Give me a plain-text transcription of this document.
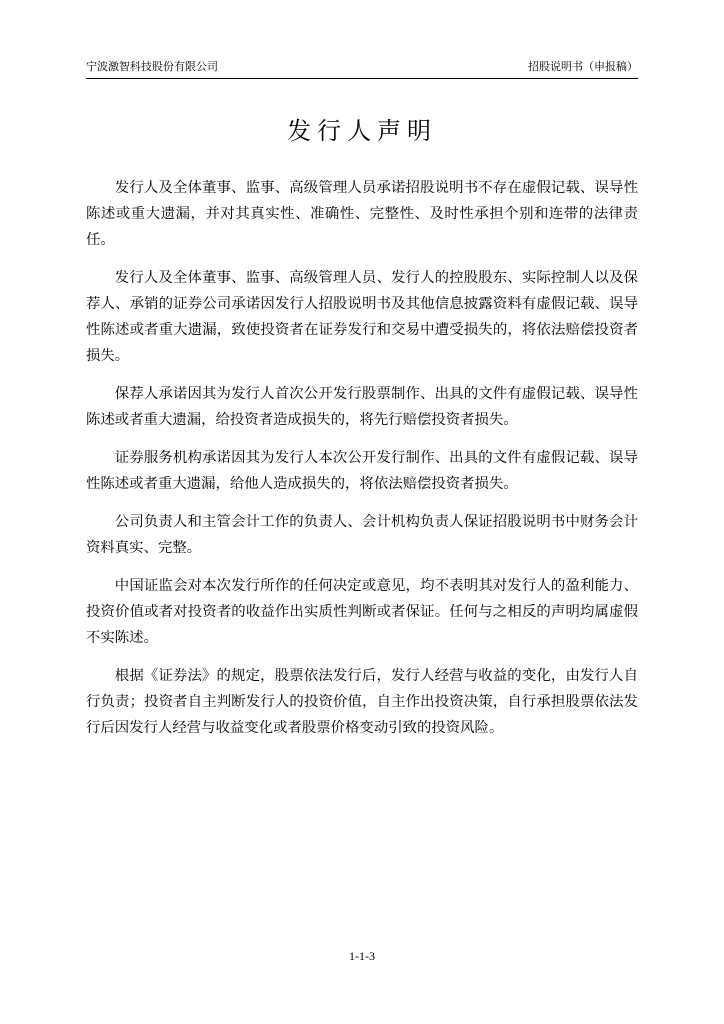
宁波激智科技股份有限公司	招股说明书（申报稿）
发行人声明

发行人及全体董事、监事、高级管理人员承诺招股说明书不存在虚假记载、误导性陈述或重大遗漏，并对其真实性、准确性、完整性、及时性承担个别和连带的法律责任。

发行人及全体董事、监事、高级管理人员、发行人的控股股东、实际控制人以及保荐人、承销的证券公司承诺因发行人招股说明书及其他信息披露资料有虚假记载、误导性陈述或者重大遗漏，致使投资者在证券发行和交易中遭受损失的，将依法赔偿投资者损失。

保荐人承诺因其为发行人首次公开发行股票制作、出具的文件有虚假记载、误导性陈述或者重大遗漏，给投资者造成损失的，将先行赔偿投资者损失。

证券服务机构承诺因其为发行人本次公开发行制作、出具的文件有虚假记载、误导性陈述或者重大遗漏，给他人造成损失的，将依法赔偿投资者损失。

公司负责人和主管会计工作的负责人、会计机构负责人保证招股说明书中财务会计资料真实、完整。

中国证监会对本次发行所作的任何决定或意见，均不表明其对发行人的盈利能力、投资价值或者对投资者的收益作出实质性判断或者保证。任何与之相反的声明均属虚假不实陈述。

根据《证券法》的规定，股票依法发行后，发行人经营与收益的变化，由发行人自行负责；投资者自主判断发行人的投资价值，自主作出投资决策，自行承担股票依法发行后因发行人经营与收益变化或者股票价格变动引致的投资风险。

1-1-3
